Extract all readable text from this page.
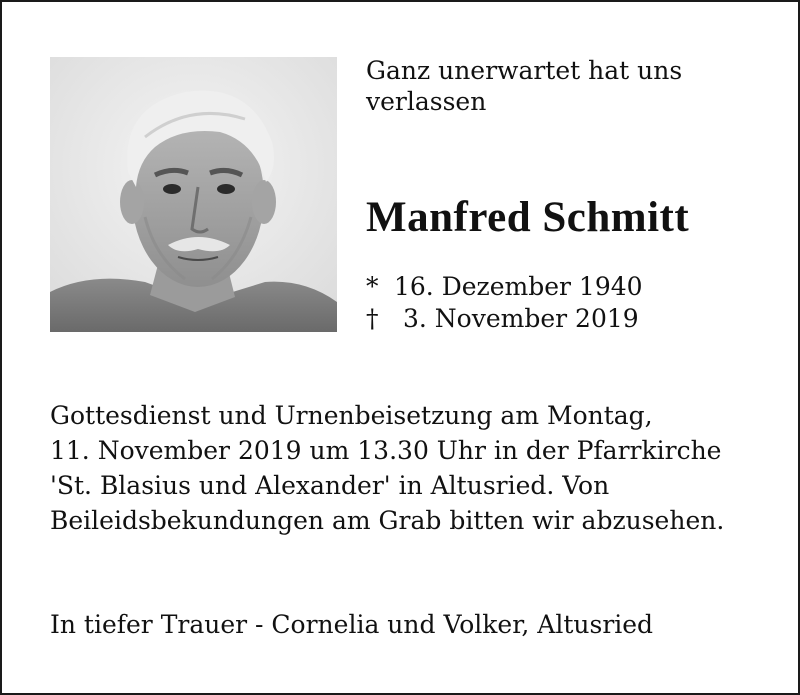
Ganz unerwartet hat uns
verlassen
Manfred Schmitt
* 16. Dezember 1940
† 3. November 2019
Gottesdienst und Urnenbeisetzung am Montag,
11. November 2019 um 13.30 Uhr in der Pfarrkirche
'St. Blasius und Alexander' in Altusried. Von
Beileidsbekundungen am Grab bitten wir abzusehen.
In tiefer Trauer - Cornelia und Volker, Altusried
